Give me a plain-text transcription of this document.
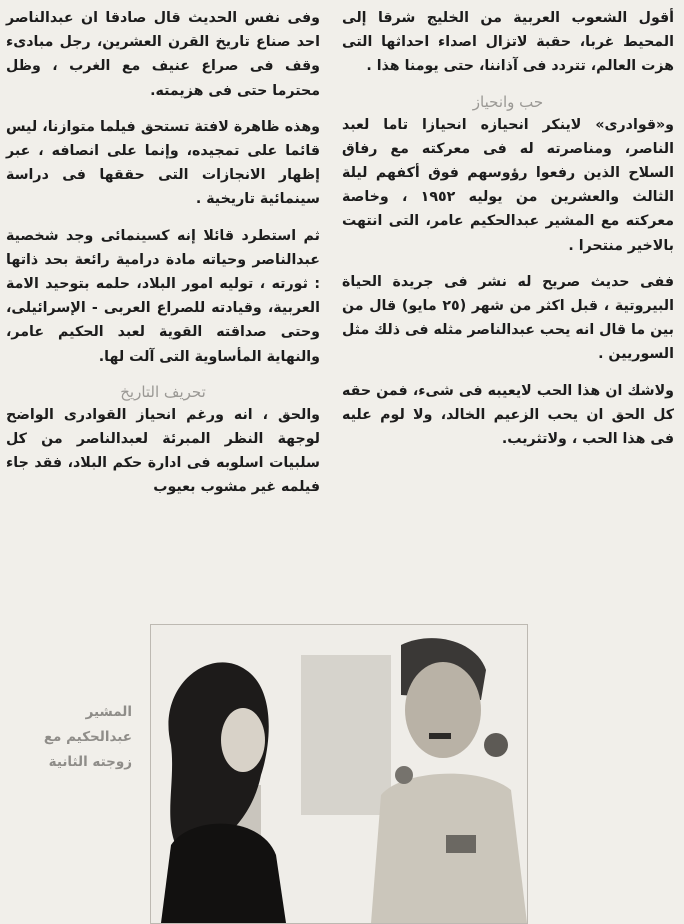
أقول الشعوب العربية من الخليج شرقا إلى المحيط غربا، حقبة لاتزال اصداء احداثها التى هزت العالم، تتردد فى آذاننا، حتى يومنا هذا .

حب وانحياز

و«قوادرى» لاينكر انحيازه انحيازا تاما لعبد الناصر، ومناصرته له فى معركته مع رفاق السلاح الذين رفعوا رؤوسهم فوق أكفهم ليلة الثالث والعشرين من يوليه ١٩٥٢ ، وخاصة معركته مع المشير عبدالحكيم عامر، التى انتهت بالاخير منتحرا .

ففى حديث صريح له نشر فى جريدة الحياة البيروتية ، قبل اكثر من شهر (٢٥ مايو) قال من بين ما قال انه يحب عبدالناصر مثله فى ذلك مثل السوريين .

ولاشك ان هذا الحب لايعيبه فى شىء، فمن حقه كل الحق ان يحب الزعيم الخالد، ولا لوم عليه فى هذا الحب ، ولاتثريب.

وفى نفس الحديث قال صادقا ان عبدالناصر احد صناع تاريخ القرن العشرين، رجل مبادىء وقف فى صراع عنيف مع الغرب ، وظل محترما حتى فى هزيمته.

وهذه ظاهرة لافتة تستحق فيلما متوازنا، ليس قائما على تمجيده، وإنما على انصافه ، عبر إظهار الانجازات التى حققها فى دراسة سينمائية تاريخية .

ثم استطرد قائلا إنه كسينمائى وجد شخصية عبدالناصر وحياته مادة درامية رائعة بحد ذاتها : ثورته ، توليه امور البلاد، حلمه بتوحيد الامة العربية، وقيادته للصراع العربى - الإسرائيلى، وحتى صداقته القوية لعبد الحكيم عامر، والنهاية المأساوية التى آلت لها.

تحريف التاريخ

والحق ، انه ورغم انحياز القوادرى الواضح لوجهة النظر المبرئة لعبدالناصر من كل سلبيات اسلوبه فى ادارة حكم البلاد، فقد جاء فيلمه غير مشوب بعيوب

المشير
عبدالحكيم مع
زوجته الثانية
